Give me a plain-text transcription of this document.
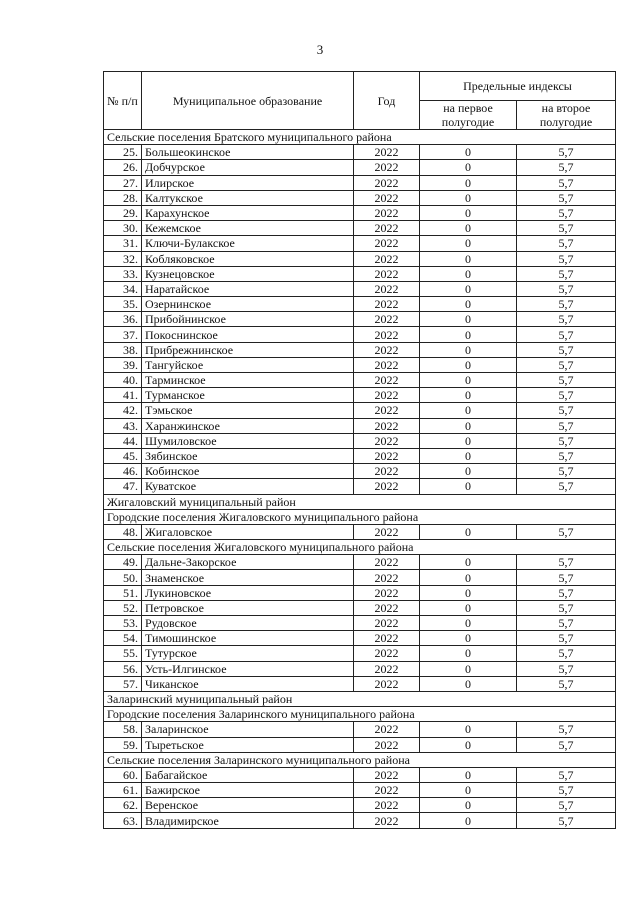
3
№ п/п	Муниципальное образование	Год	Предельные индексы	
			на первое полугодие	на второе полугодие
Сельские поселения Братского муниципального района				
25.	Большеокинское	2022	0	5,7
26.	Добчурское	2022	0	5,7
27.	Илирское	2022	0	5,7
28.	Калтукское	2022	0	5,7
29.	Карахунское	2022	0	5,7
30.	Кежемское	2022	0	5,7
31.	Ключи-Булакское	2022	0	5,7
32.	Кобляковское	2022	0	5,7
33.	Кузнецовское	2022	0	5,7
34.	Наратайское	2022	0	5,7
35.	Озернинское	2022	0	5,7
36.	Прибойнинское	2022	0	5,7
37.	Покоснинское	2022	0	5,7
38.	Прибрежнинское	2022	0	5,7
39.	Тангуйское	2022	0	5,7
40.	Тарминское	2022	0	5,7
41.	Турманское	2022	0	5,7
42.	Тэмьское	2022	0	5,7
43.	Харанжинское	2022	0	5,7
44.	Шумиловское	2022	0	5,7
45.	Зябинское	2022	0	5,7
46.	Кобинское	2022	0	5,7
47.	Куватское	2022	0	5,7
Жигаловский муниципальный район				
Городские поселения Жигаловского муниципального района				
48.	Жигаловское	2022	0	5,7
Сельские поселения Жигаловского муниципального района				
49.	Дальне-Закорское	2022	0	5,7
50.	Знаменское	2022	0	5,7
51.	Лукиновское	2022	0	5,7
52.	Петровское	2022	0	5,7
53.	Рудовское	2022	0	5,7
54.	Тимошинское	2022	0	5,7
55.	Тутурское	2022	0	5,7
56.	Усть-Илгинское	2022	0	5,7
57.	Чиканское	2022	0	5,7
Заларинский муниципальный район				
Городские поселения Заларинского муниципального района				
58.	Заларинское	2022	0	5,7
59.	Тыретьское	2022	0	5,7
Сельские поселения Заларинского муниципального района				
60.	Бабагайское	2022	0	5,7
61.	Бажирское	2022	0	5,7
62.	Веренское	2022	0	5,7
63.	Владимирское	2022	0	5,7
